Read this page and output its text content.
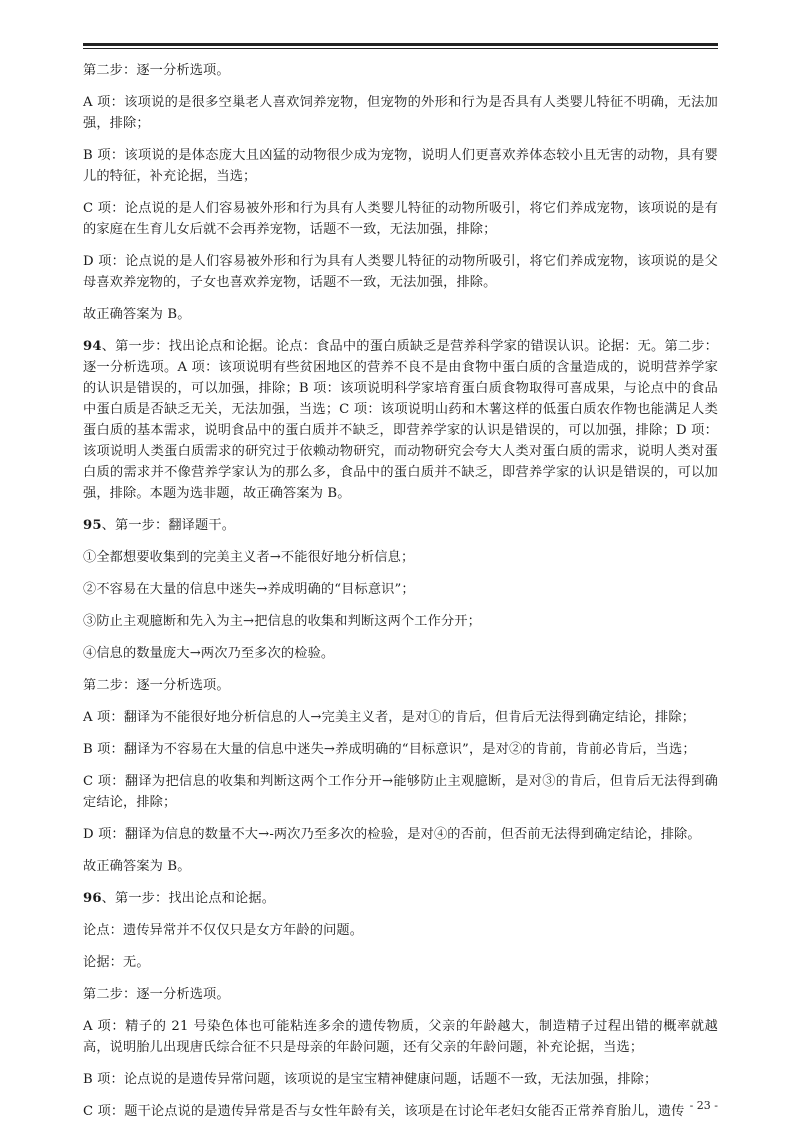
第二步：逐一分析选项。

A 项：该项说的是很多空巢老人喜欢饲养宠物，但宠物的外形和行为是否具有人类婴儿特征不明确，无法加强，排除；

B 项：该项说的是体态庞大且凶猛的动物很少成为宠物，说明人们更喜欢养体态较小且无害的动物，具有婴儿的特征，补充论据，当选；

C 项：论点说的是人们容易被外形和行为具有人类婴儿特征的动物所吸引，将它们养成宠物，该项说的是有的家庭在生育儿女后就不会再养宠物，话题不一致，无法加强，排除；

D 项：论点说的是人们容易被外形和行为具有人类婴儿特征的动物所吸引，将它们养成宠物，该项说的是父母喜欢养宠物的，子女也喜欢养宠物，话题不一致，无法加强，排除。

故正确答案为 B。

94、第一步：找出论点和论据。论点：食品中的蛋白质缺乏是营养科学家的错误认识。论据：无。第二步：逐一分析选项。A 项：该项说明有些贫困地区的营养不良不是由食物中蛋白质的含量造成的，说明营养学家的认识是错误的，可以加强，排除；B 项：该项说明科学家培育蛋白质食物取得可喜成果，与论点中的食品中蛋白质是否缺乏无关，无法加强，当选；C 项：该项说明山药和木薯这样的低蛋白质农作物也能满足人类蛋白质的基本需求，说明食品中的蛋白质并不缺乏，即营养学家的认识是错误的，可以加强，排除；D 项：该项说明人类蛋白质需求的研究过于依赖动物研究，而动物研究会夸大人类对蛋白质的需求，说明人类对蛋白质的需求并不像营养学家认为的那么多，食品中的蛋白质并不缺乏，即营养学家的认识是错误的，可以加强，排除。本题为选非题，故正确答案为 B。

95、第一步：翻译题干。

①全都想要收集到的完美主义者→不能很好地分析信息；

②不容易在大量的信息中迷失→养成明确的“目标意识”；

③防止主观臆断和先入为主→把信息的收集和判断这两个工作分开；

④信息的数量庞大→两次乃至多次的检验。

第二步：逐一分析选项。

A 项：翻译为不能很好地分析信息的人→完美主义者，是对①的肯后，但肯后无法得到确定结论，排除；

B 项：翻译为不容易在大量的信息中迷失→养成明确的“目标意识”，是对②的肯前，肯前必肯后，当选；

C 项：翻译为把信息的收集和判断这两个工作分开→能够防止主观臆断，是对③的肯后，但肯后无法得到确定结论，排除；

D 项：翻译为信息的数量不大→-两次乃至多次的检验，是对④的否前，但否前无法得到确定结论，排除。

故正确答案为 B。

96、第一步：找出论点和论据。

论点：遗传异常并不仅仅只是女方年龄的问题。

论据：无。

第二步：逐一分析选项。

A 项：精子的 21 号染色体也可能粘连多余的遗传物质，父亲的年龄越大，制造精子过程出错的概率就越高，说明胎儿出现唐氏综合征不只是母亲的年龄问题，还有父亲的年龄问题，补充论据，当选；

B 项：论点说的是遗传异常问题，该项说的是宝宝精神健康问题，话题不一致，无法加强，排除；

C 项：题干论点说的是遗传异常是否与女性年龄有关，该项是在讨论年老妇女能否正常养育胎儿，遗传 - 23 -
